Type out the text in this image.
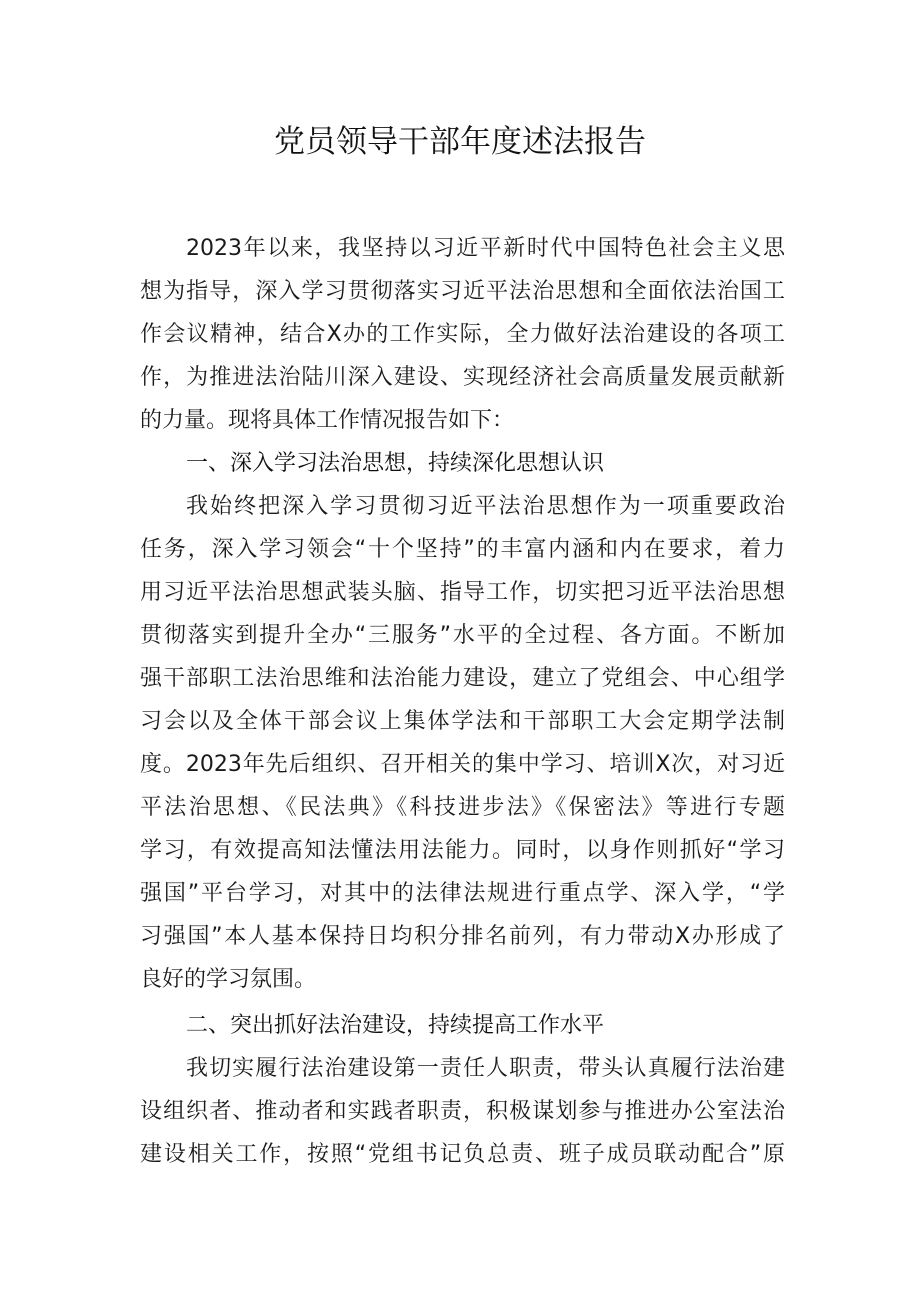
党员领导干部年度述法报告
2023年以来，我坚持以习近平新时代中国特色社会主义思
想为指导，深入学习贯彻落实习近平法治思想和全面依法治国工
作会议精神，结合X办的工作实际，全力做好法治建设的各项工
作，为推进法治陆川深入建设、实现经济社会高质量发展贡献新
的力量。现将具体工作情况报告如下：
一、深入学习法治思想，持续深化思想认识
我始终把深入学习贯彻习近平法治思想作为一项重要政治
任务，深入学习领会“十个坚持”的丰富内涵和内在要求，着力
用习近平法治思想武装头脑、指导工作，切实把习近平法治思想
贯彻落实到提升全办“三服务”水平的全过程、各方面。不断加
强干部职工法治思维和法治能力建设，建立了党组会、中心组学
习会以及全体干部会议上集体学法和干部职工大会定期学法制
度。2023年先后组织、召开相关的集中学习、培训X次，对习近
平法治思想、《民法典》《科技进步法》《保密法》等进行专题
学习，有效提高知法懂法用法能力。同时，以身作则抓好“学习
强国”平台学习，对其中的法律法规进行重点学、深入学，“学
习强国”本人基本保持日均积分排名前列，有力带动X办形成了
良好的学习氛围。
二、突出抓好法治建设，持续提高工作水平
我切实履行法治建设第一责任人职责，带头认真履行法治建
设组织者、推动者和实践者职责，积极谋划参与推进办公室法治
建设相关工作，按照“党组书记负总责、班子成员联动配合”原
